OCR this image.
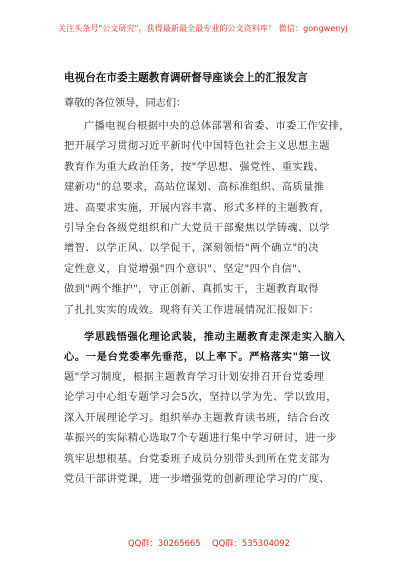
关注头条号"公文研究"，获得最新最全最专业的公文资料库！ 微信：gongwenyj
电视台在市委主题教育调研督导座谈会上的汇报发言
尊敬的各位领导，同志们：
广播电视台根据中央的总体部署和省委、市委工作安排，
把开展学习贯彻习近平新时代中国特色社会主义思想主题
教育作为重大政治任务，按"学思想、强党性、重实践、
建新功"的总要求，高站位谋划、高标准组织、高质量推
进、高要求实施，开展内容丰富、形式多样的主题教育，
引导全台各级党组织和广大党员干部聚焦以学铸魂、以学
增智、以学正风、以学促干，深刻领悟"两个确立"的决
定性意义，自觉增强"四个意识"、坚定"四个自信"、
做到"两个维护"，守正创新、真抓实干，主题教育取得
了扎扎实实的成效。现将有关工作进展情况汇报如下：
学思践悟强化理论武装，推动主题教育走深走实入脑入
心。一是台党委率先垂范，以上率下。严格落实"第一议
题"学习制度，根据主题教育学习计划安排召开台党委理
论学习中心组专题学习会5次，坚持以学为先、学以致用，
深入开展理论学习。组织举办主题教育读书班，结合台改
革振兴的实际精心选取7个专题进行集中学习研讨，进一步
筑牢思想根基。台党委班子成员分别带头到所在党支部为
党员干部讲党课，进一步增强党的创新理论学习的广度、
QQ群：30265665 QQ群：535304092
